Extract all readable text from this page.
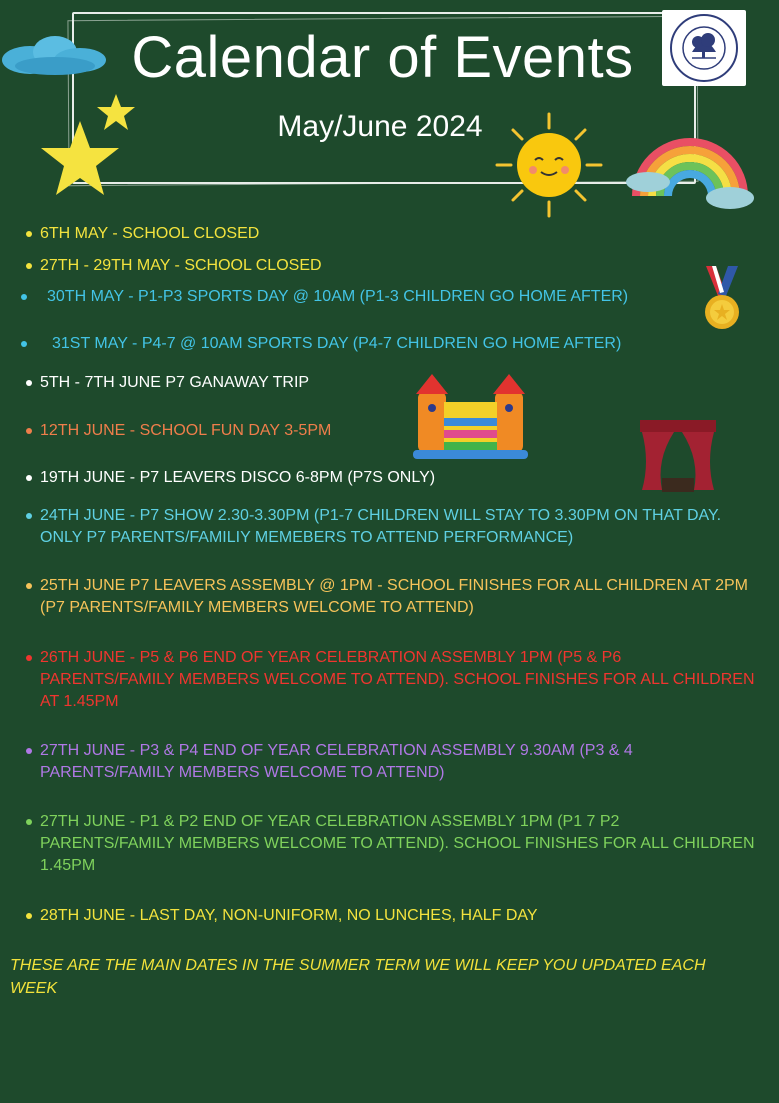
Calendar of Events
May/June 2024
6TH MAY - SCHOOL CLOSED
27TH - 29TH MAY - SCHOOL CLOSED
30TH MAY - P1-P3 SPORTS DAY @ 10AM (P1-3 CHILDREN GO HOME AFTER)
31ST MAY - P4-7 @ 10AM SPORTS DAY (P4-7 CHILDREN GO HOME AFTER)
5TH - 7TH JUNE P7 GANAWAY TRIP
12TH JUNE - SCHOOL FUN DAY 3-5PM
19TH JUNE - P7 LEAVERS DISCO 6-8PM (P7S ONLY)
24TH JUNE - P7 SHOW 2.30-3.30PM (P1-7 CHILDREN WILL STAY TO 3.30PM ON THAT DAY. ONLY P7 PARENTS/FAMILIY MEMEBERS TO ATTEND PERFORMANCE)
25TH JUNE P7 LEAVERS ASSEMBLY @ 1PM - SCHOOL FINISHES FOR ALL CHILDREN AT 2PM (P7 PARENTS/FAMILY MEMBERS WELCOME TO ATTEND)
26TH JUNE - P5 & P6 END OF YEAR CELEBRATION ASSEMBLY 1PM (P5 & P6 PARENTS/FAMILY MEMBERS WELCOME TO ATTEND). SCHOOL FINISHES FOR ALL CHILDREN AT 1.45PM
27TH JUNE - P3 & P4 END OF YEAR CELEBRATION ASSEMBLY 9.30AM (P3 & 4 PARENTS/FAMILY MEMBERS WELCOME TO ATTEND)
27TH JUNE - P1 & P2 END OF YEAR CELEBRATION ASSEMBLY 1PM (P1 7 P2 PARENTS/FAMILY MEMBERS WELCOME TO ATTEND). SCHOOL FINISHES FOR ALL CHILDREN 1.45PM
28TH JUNE - LAST DAY, NON-UNIFORM, NO LUNCHES, HALF DAY
THESE ARE THE MAIN DATES IN THE SUMMER TERM WE WILL KEEP YOU UPDATED EACH WEEK
